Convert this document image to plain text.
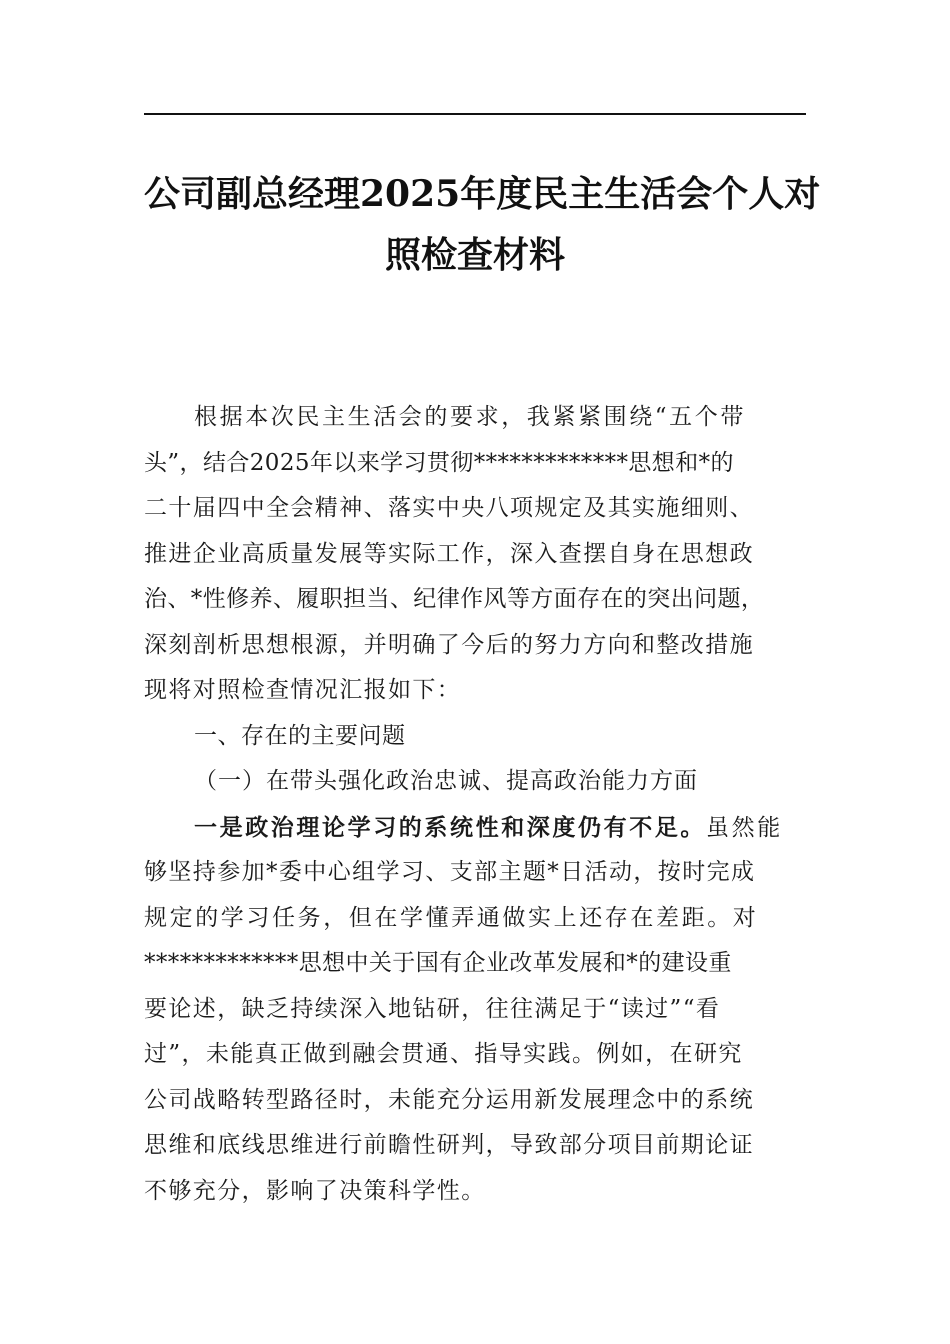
公司副总经理2025年度民主生活会个人对
照检查材料
根据本次民主生活会的要求，我紧紧围绕“五个带
头”，结合2025年以来学习贯彻*************思想和*的
二十届四中全会精神、落实中央八项规定及其实施细则、
推进企业高质量发展等实际工作，深入查摆自身在思想政
治、*性修养、履职担当、纪律作风等方面存在的突出问题，
深刻剖析思想根源，并明确了今后的努力方向和整改措施
现将对照检查情况汇报如下：
一、存在的主要问题
（一）在带头强化政治忠诚、提高政治能力方面
一是政治理论学习的系统性和深度仍有不足。虽然能
够坚持参加*委中心组学习、支部主题*日活动，按时完成
规定的学习任务，但在学懂弄通做实上还存在差距。对
*************思想中关于国有企业改革发展和*的建设重
要论述，缺乏持续深入地钻研，往往满足于“读过”“看
过”，未能真正做到融会贯通、指导实践。例如，在研究
公司战略转型路径时，未能充分运用新发展理念中的系统
思维和底线思维进行前瞻性研判，导致部分项目前期论证
不够充分，影响了决策科学性。
